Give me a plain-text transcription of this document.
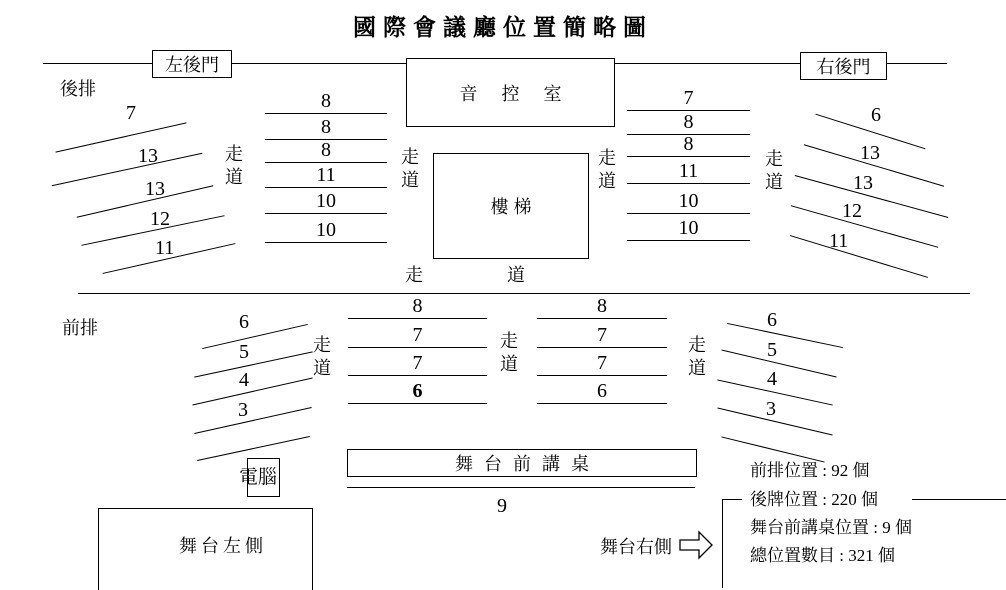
國際會議廳位置簡略圖
左後門	右後門
後排
前排
音控室
樓梯
走
道
走
道
走
道
走
道
走	道
7
13
13
12
11
8
8
8
11
10
10
7
8
8
11
10
10
6
13
13
12
11
走
道
走
道
走
道
6
5
4
3
8
7
7
6
8
7
7
6
6
5
4
3
舞台前講桌
9
電腦
舞台左側	舞台右側
前排位置 : 92 個
後牌位置 : 220 個
舞台前講桌位置 : 9 個
總位置數目 : 321 個
